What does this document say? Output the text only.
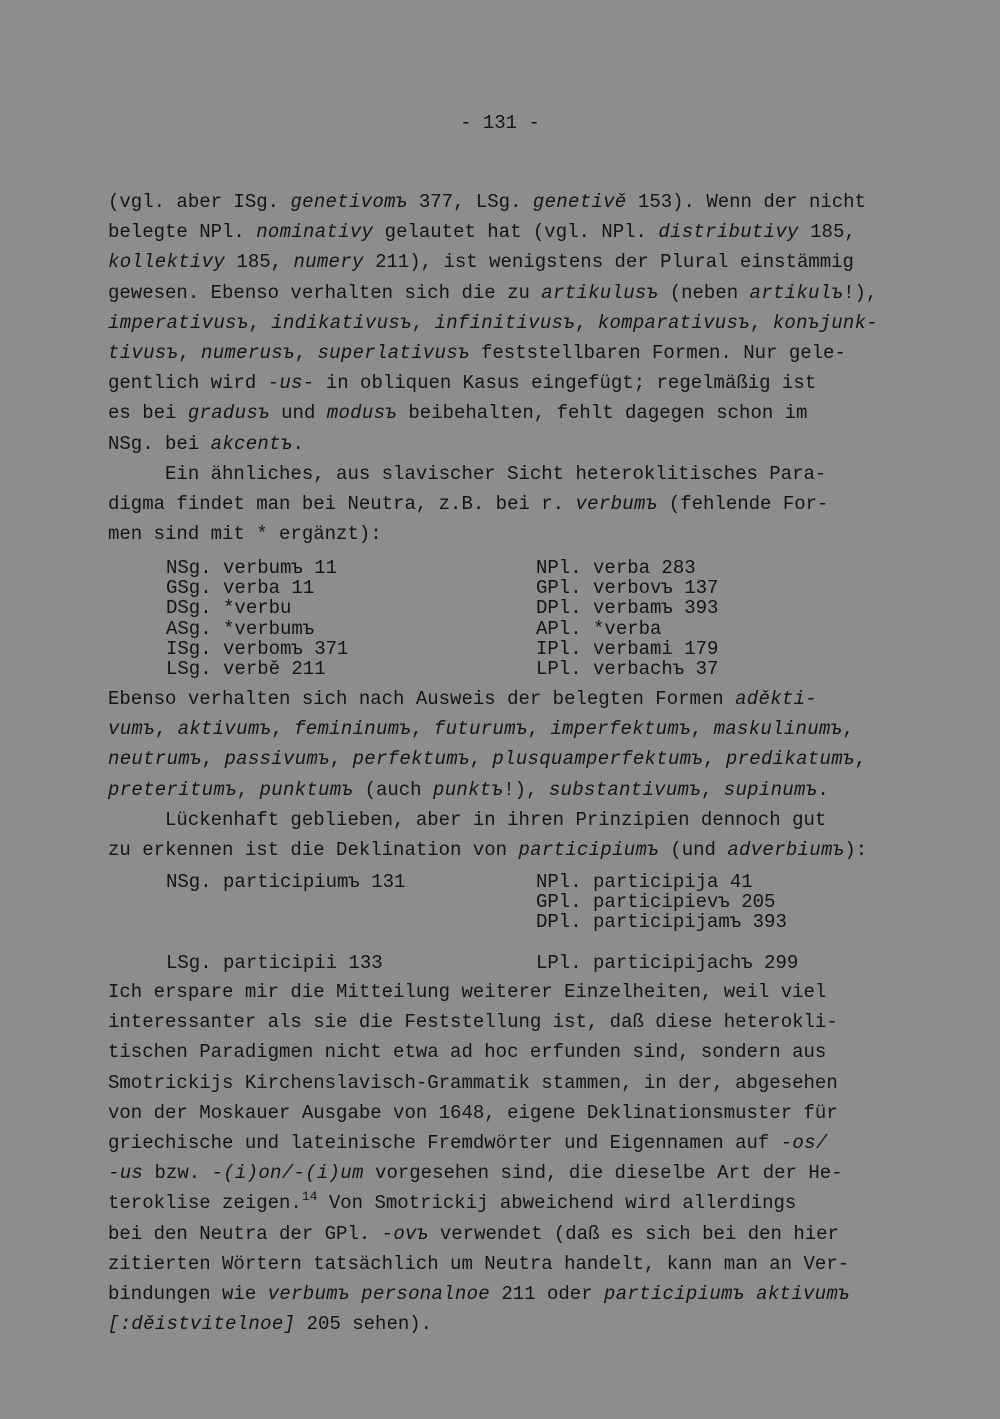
- 131 -
(vgl. aber ISg. genetivomъ 377, LSg. genetivě 153). Wenn der nicht
belegte NPl. nominativy gelautet hat (vgl. NPl. distributivy 185,
kollektivy 185, numery 211), ist wenigstens der Plural einstämmig
gewesen. Ebenso verhalten sich die zu artikulusъ (neben artikulъ!),
imperativusъ, indikativusъ, infinitivusъ, komparativusъ, konъjunk-
tivusъ, numerusъ, superlativusъ feststellbaren Formen. Nur gele-
gentlich wird -us- in obliquen Kasus eingefügt; regelmäßig ist
es bei gradusъ und modusъ beibehalten, fehlt dagegen schon im
NSg. bei akcentъ.
Ein ähnliches, aus slavischer Sicht heteroklitisches Para-
digma findet man bei Neutra, z.B. bei r. verbumъ (fehlende For-
men sind mit * ergänzt):
NSg. verbumъ 11
GSg. verba 11
DSg. *verbu
ASg. *verbumъ
ISg. verbomъ 371
LSg. verbě 211
NPl. verba 283
GPl. verbovъ 137
DPl. verbamъ 393
APl. *verba
IPl. verbami 179
LPl. verbachъ 37
Ebenso verhalten sich nach Ausweis der belegten Formen aděkti-
vumъ, aktivumъ, femininumъ, futurumъ, imperfektumъ, maskulinumъ,
neutrumъ, passivumъ, perfektumъ, plusquamperfektumъ, predikatumъ,
preteritumъ, punktumъ (auch punktъ!), substantivumъ, supinumъ.
Lückenhaft geblieben, aber in ihren Prinzipien dennoch gut
zu erkennen ist die Deklination von participiumъ (und adverbiumъ):
NSg. participiumъ 131
LSg. participii 133
NPl. participija 41
GPl. participievъ 205
DPl. participijamъ 393
LPl. participijachъ 299
Ich erspare mir die Mitteilung weiterer Einzelheiten, weil viel
interessanter als sie die Feststellung ist, daß diese heterokli-
tischen Paradigmen nicht etwa ad hoc erfunden sind, sondern aus
Smotrickijs Kirchenslavisch-Grammatik stammen, in der, abgesehen
von der Moskauer Ausgabe von 1648, eigene Deklinationsmuster für
griechische und lateinische Fremdwörter und Eigennamen auf -os/
-us bzw. -(i)on/-(i)um vorgesehen sind, die dieselbe Art der He-
teroklise zeigen.$^{14}$ Von Smotrickij abweichend wird allerdings
bei den Neutra der GPl. -ovъ verwendet (daß es sich bei den hier
zitierten Wörtern tatsächlich um Neutra handelt, kann man an Ver-
bindungen wie verbumъ personalnoe 211 oder participiumъ aktivumъ
[:děistvitelnoe] 205 sehen).
